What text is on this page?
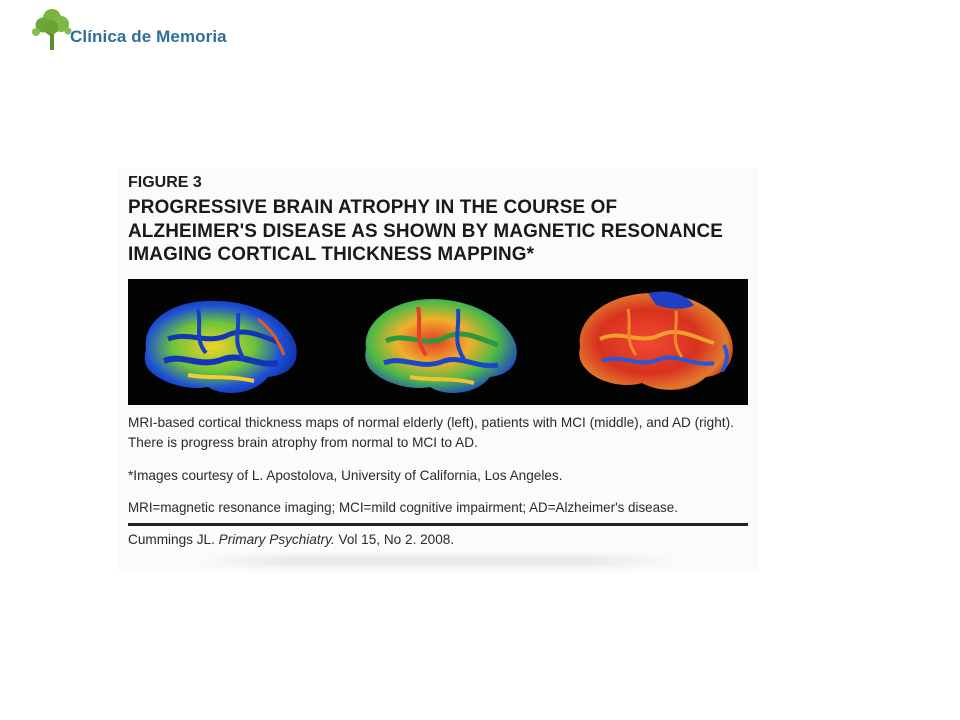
Clínica de Memoria
FIGURE 3
PROGRESSIVE BRAIN ATROPHY IN THE COURSE OF ALZHEIMER'S DISEASE AS SHOWN BY MAGNETIC RESONANCE IMAGING CORTICAL THICKNESS MAPPING*
MRI-based cortical thickness maps of normal elderly (left), patients with MCI (middle), and AD (right). There is progress brain atrophy from normal to MCI to AD.
*Images courtesy of L. Apostolova, University of California, Los Angeles.
MRI=magnetic resonance imaging; MCI=mild cognitive impairment; AD=Alzheimer's disease.
Cummings JL. Primary Psychiatry. Vol 15, No 2. 2008.
